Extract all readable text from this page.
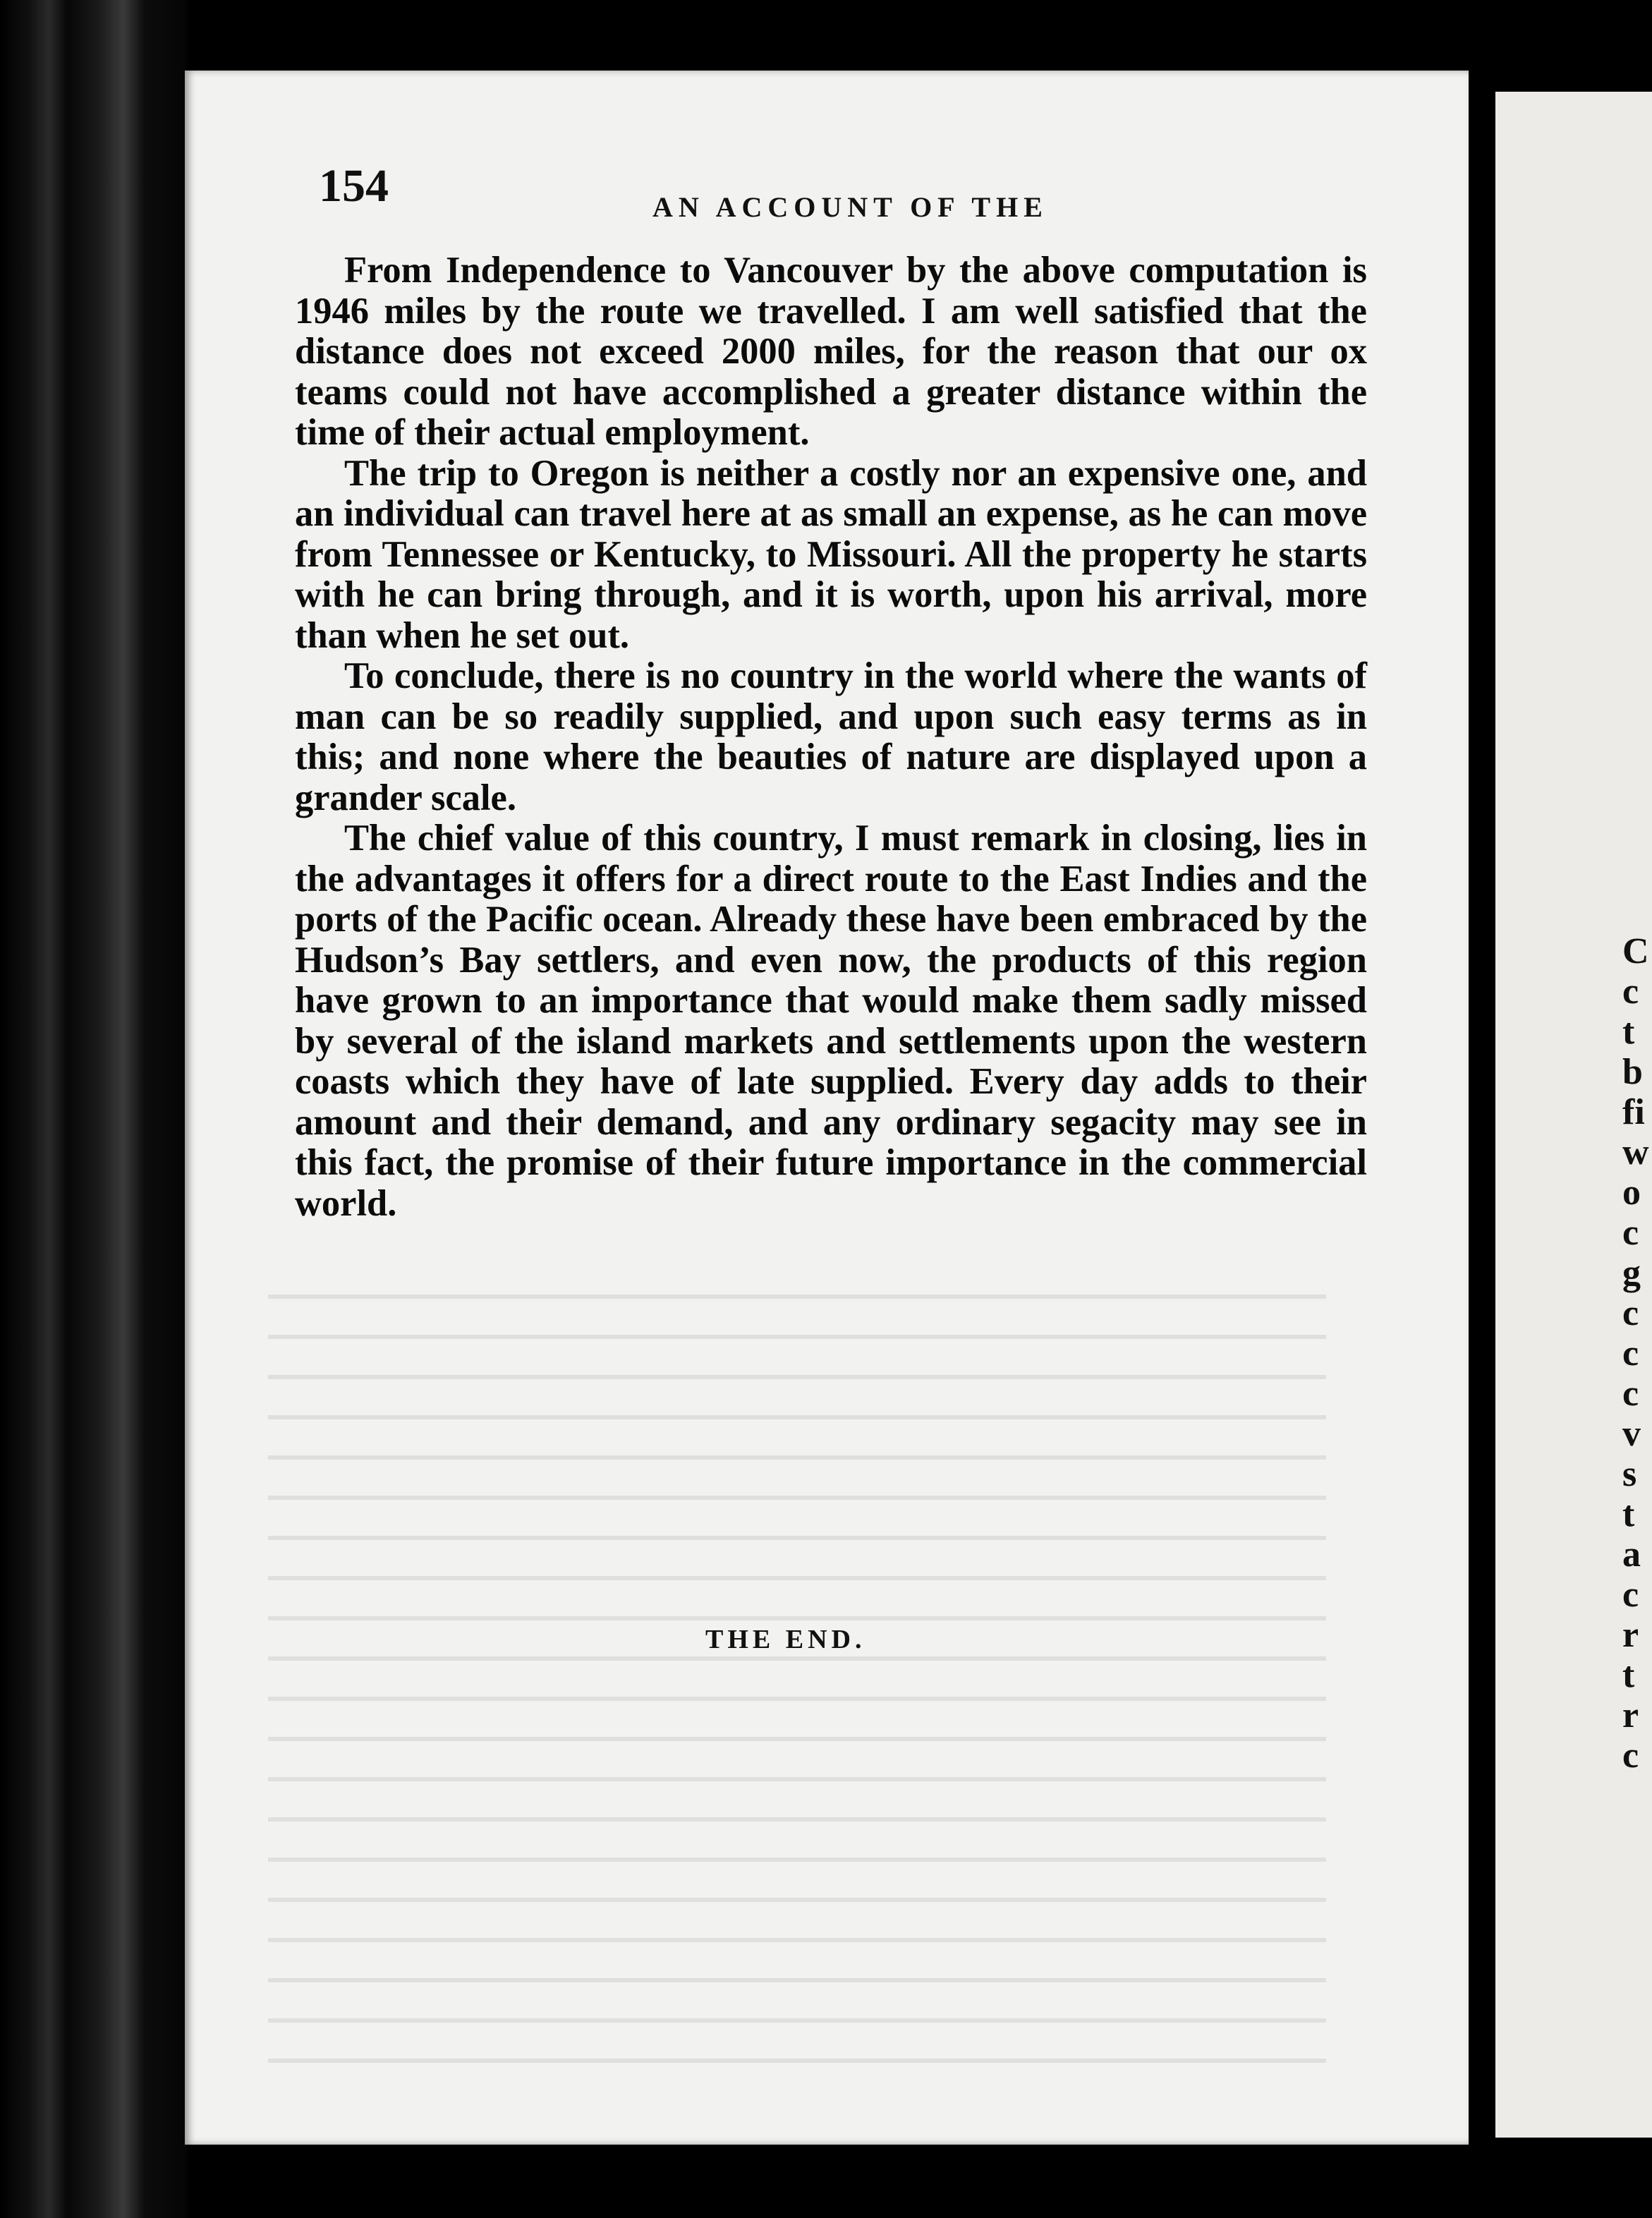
154	AN ACCOUNT OF THE

From Independence to Vancouver by the above computation is 1946 miles by the route we travelled. I am well satisfied that the distance does not exceed 2000 miles, for the reason that our ox teams could not have accomplished a greater distance within the time of their actual employment.

The trip to Oregon is neither a costly nor an expensive one, and an individual can travel here at as small an expense, as he can move from Tennessee or Kentucky, to Missouri. All the property he starts with he can bring through, and it is worth, upon his arrival, more than when he set out.

To conclude, there is no country in the world where the wants of man can be so readily supplied, and upon such easy terms as in this; and none where the beauties of nature are displayed upon a grander scale.

The chief value of this country, I must remark in closing, lies in the advantages it offers for a direct route to the East Indies and the ports of the Pacific ocean. Already these have been embraced by the Hudson’s Bay settlers, and even now, the products of this region have grown to an importance that would make them sadly missed by several of the island markets and settlements upon the western coasts which they have of late supplied. Every day adds to their amount and their demand, and any ordinary segacity may see in this fact, the promise of their future importance in the commercial world.

THE END.
C
c
t
b
fi
w
o
c
g
c
c
c
v
s
t
a
c
r
t
r
c
